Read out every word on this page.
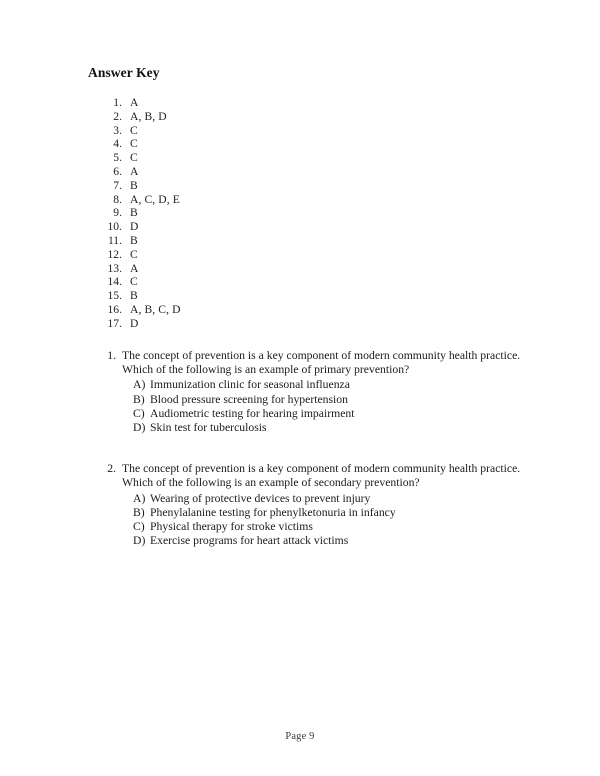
Answer Key
1. A
2. A, B, D
3. C
4. C
5. C
6. A
7. B
8. A, C, D, E
9. B
10. D
11. B
12. C
13. A
14. C
15. B
16. A, B, C, D
17. D
1. The concept of prevention is a key component of modern community health practice.
Which of the following is an example of primary prevention?
A) Immunization clinic for seasonal influenza
B) Blood pressure screening for hypertension
C) Audiometric testing for hearing impairment
D) Skin test for tuberculosis
2. The concept of prevention is a key component of modern community health practice.
Which of the following is an example of secondary prevention?
A) Wearing of protective devices to prevent injury
B) Phenylalanine testing for phenylketonuria in infancy
C) Physical therapy for stroke victims
D) Exercise programs for heart attack victims
Page 9
